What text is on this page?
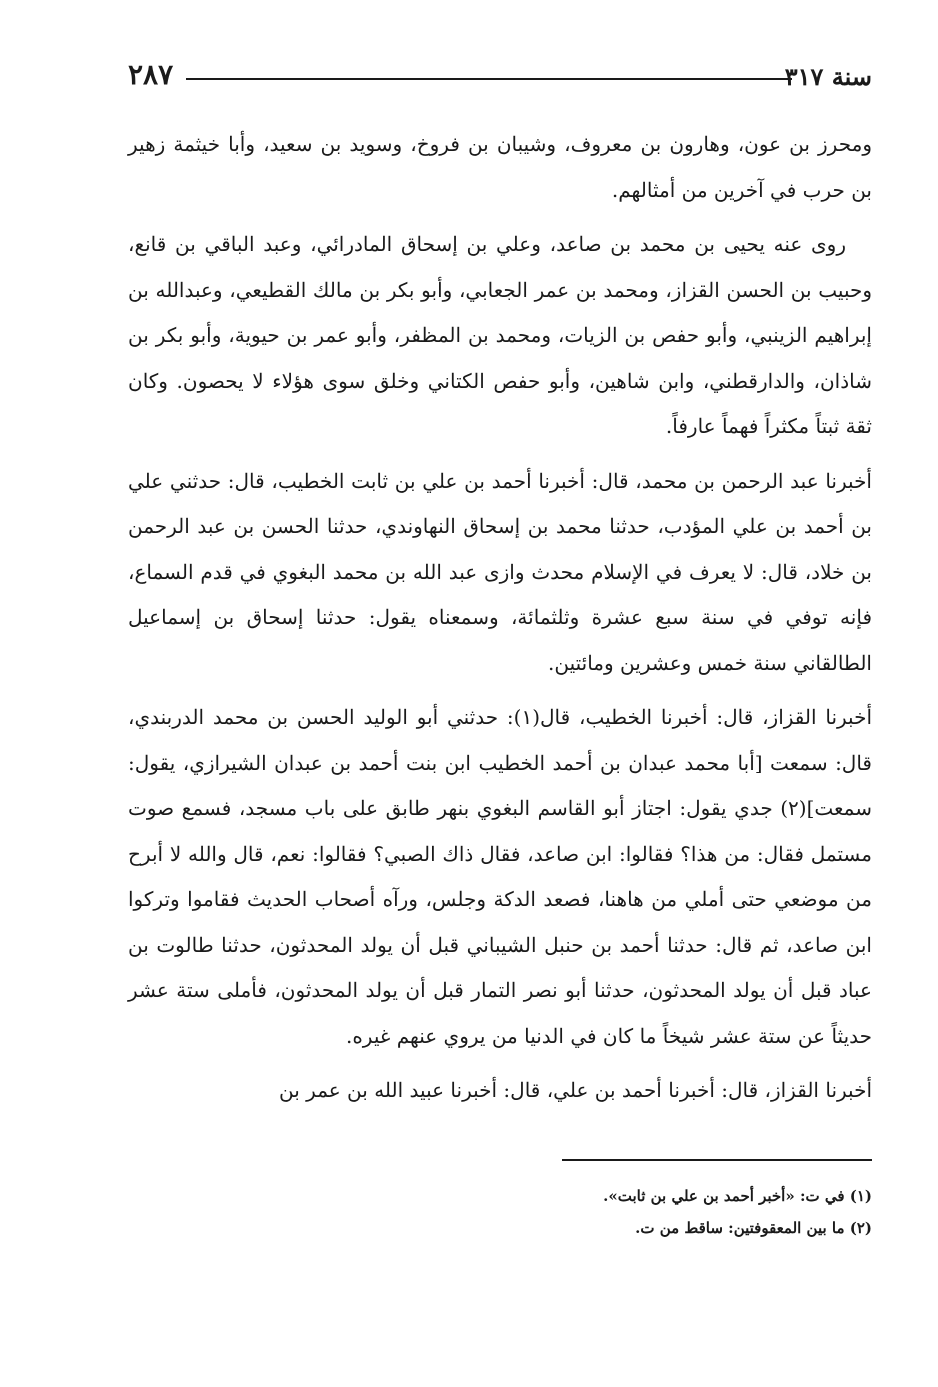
سنة ٣١٧
٢٨٧

ومحرز بن عون، وهارون بن معروف، وشيبان بن فروخ، وسويد بن سعيد، وأبا خيثمة زهير بن حرب في آخرين من أمثالهم.

روى عنه يحيى بن محمد بن صاعد، وعلي بن إسحاق المادرائي، وعبد الباقي بن قانع، وحبيب بن الحسن القزاز، ومحمد بن عمر الجعابي، وأبو بكر بن مالك القطيعي، وعبدالله بن إبراهيم الزينبي، وأبو حفص بن الزيات، ومحمد بن المظفر، وأبو عمر بن حيوية، وأبو بكر بن شاذان، والدارقطني، وابن شاهين، وأبو حفص الكتاني وخلق سوى هؤلاء لا يحصون. وكان ثقة ثبتاً مكثراً فهماً عارفاً.

أخبرنا عبد الرحمن بن محمد، قال: أخبرنا أحمد بن علي بن ثابت الخطيب، قال: حدثني علي بن أحمد بن علي المؤدب، حدثنا محمد بن إسحاق النهاوندي، حدثنا الحسن بن عبد الرحمن بن خلاد، قال: لا يعرف في الإسلام محدث وازى عبد الله بن محمد البغوي في قدم السماع، فإنه توفي في سنة سبع عشرة وثلثمائة، وسمعناه يقول: حدثنا إسحاق بن إسماعيل الطالقاني سنة خمس وعشرين ومائتين.

أخبرنا القزاز، قال: أخبرنا الخطيب، قال(١): حدثني أبو الوليد الحسن بن محمد الدربندي، قال: سمعت [أبا محمد عبدان بن أحمد الخطيب ابن بنت أحمد بن عبدان الشيرازي، يقول: سمعت](٢) جدي يقول: اجتاز أبو القاسم البغوي بنهر طابق على باب مسجد، فسمع صوت مستمل فقال: من هذا؟ فقالوا: ابن صاعد، فقال ذاك الصبي؟ فقالوا: نعم، قال والله لا أبرح من موضعي حتى أملي من هاهنا، فصعد الدكة وجلس، ورآه أصحاب الحديث فقاموا وتركوا ابن صاعد، ثم قال: حدثنا أحمد بن حنبل الشيباني قبل أن يولد المحدثون، حدثنا طالوت بن عباد قبل أن يولد المحدثون، حدثنا أبو نصر التمار قبل أن يولد المحدثون، فأملى ستة عشر حديثاً عن ستة عشر شيخاً ما كان في الدنيا من يروي عنهم غيره.

أخبرنا القزاز، قال: أخبرنا أحمد بن علي، قال: أخبرنا عبيد الله بن عمر بن

(١) في ت: «أخبر أحمد بن علي بن ثابت».
(٢) ما بين المعقوفتين: ساقط من ت.
